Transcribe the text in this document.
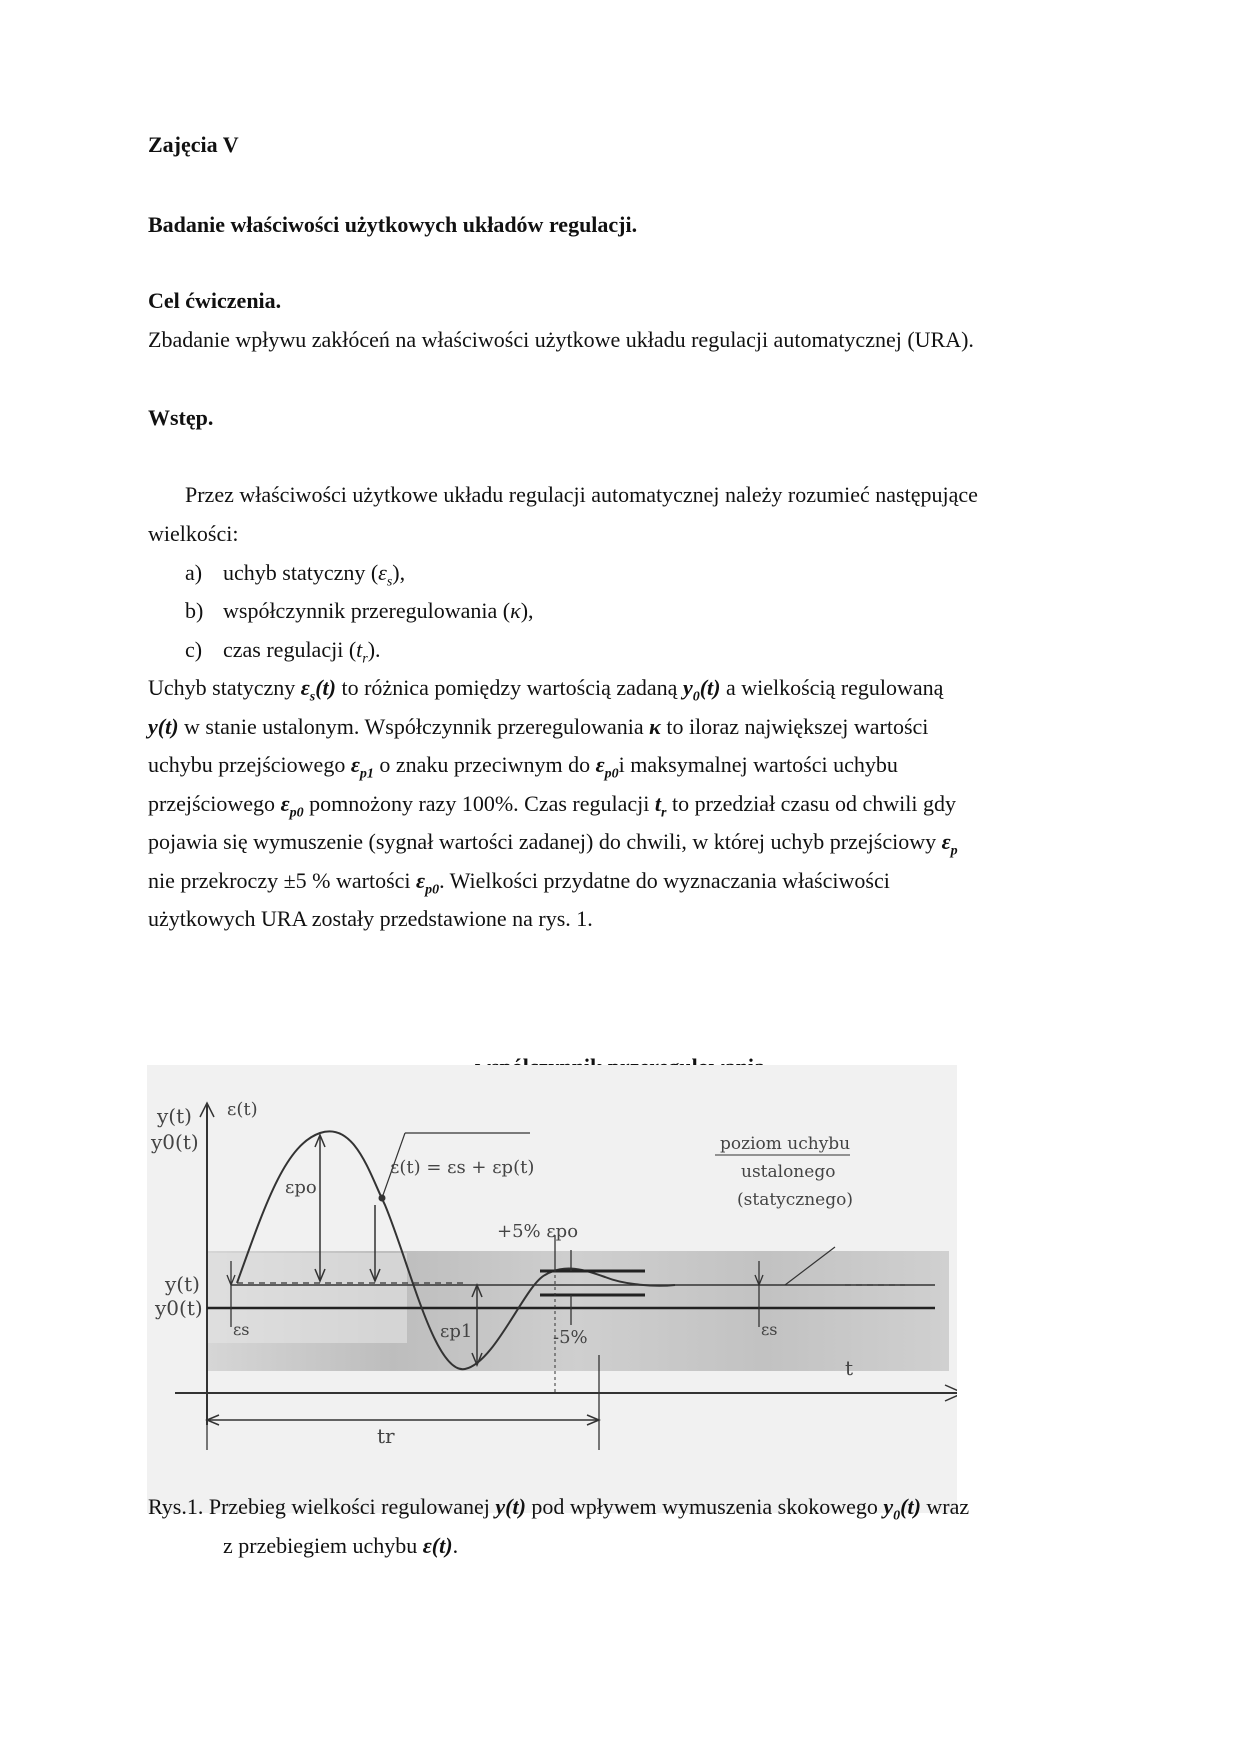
Zajęcia V
Badanie właściwości użytkowych układów regulacji.
Cel ćwiczenia.
Zbadanie wpływu zakłóceń na właściwości użytkowe układu regulacji automatycznej (URA).
Wstęp.
Przez właściwości użytkowe układu regulacji automatycznej należy rozumieć następujące
wielkości:
a) uchyb statyczny $(\varepsilon_s)$,
b) współczynnik przeregulowania (κ),
c) czas regulacji $(t_r)$.
Uchyb statyczny $\varepsilon_s(t)$ to różnica pomiędzy wartością zadaną $y_0(t)$ a wielkością regulowaną
y(t) w stanie ustalonym. Współczynnik przeregulowania κ to iloraz największej wartości
uchybu przejściowego $\varepsilon_{p1}$ o znaku przeciwnym do $\varepsilon_{p0}i$ maksymalnej wartości uchybu
przejściowego $\varepsilon_{p0}$ pomnożony razy 100%. Czas regulacji $t_r$ to przedział czasu od chwili gdy
pojawia się wymuszenie (sygnał wartości zadanej) do chwili, w której uchyb przejściowy $\varepsilon_p$
nie przekroczy ±5 % wartości $\varepsilon_{p0}$. Wielkości przydatne do wyznaczania właściwości
użytkowych URA zostały przedstawione na rys. 1.
y(t)
y0(t)
ε(t)
ε(t) = εs + εp(t)
εpo
+5% εpo
-5%
εp1
εs	εs
y(t)
y0(t)
t
tr
poziom uchybu
ustalonego
(statycznego)
Rys.1. Przebieg wielkości regulowanej y(t) pod wpływem wymuszenia skokowego $y_0(t)$ wraz
z przebiegiem uchybu ε(t).
